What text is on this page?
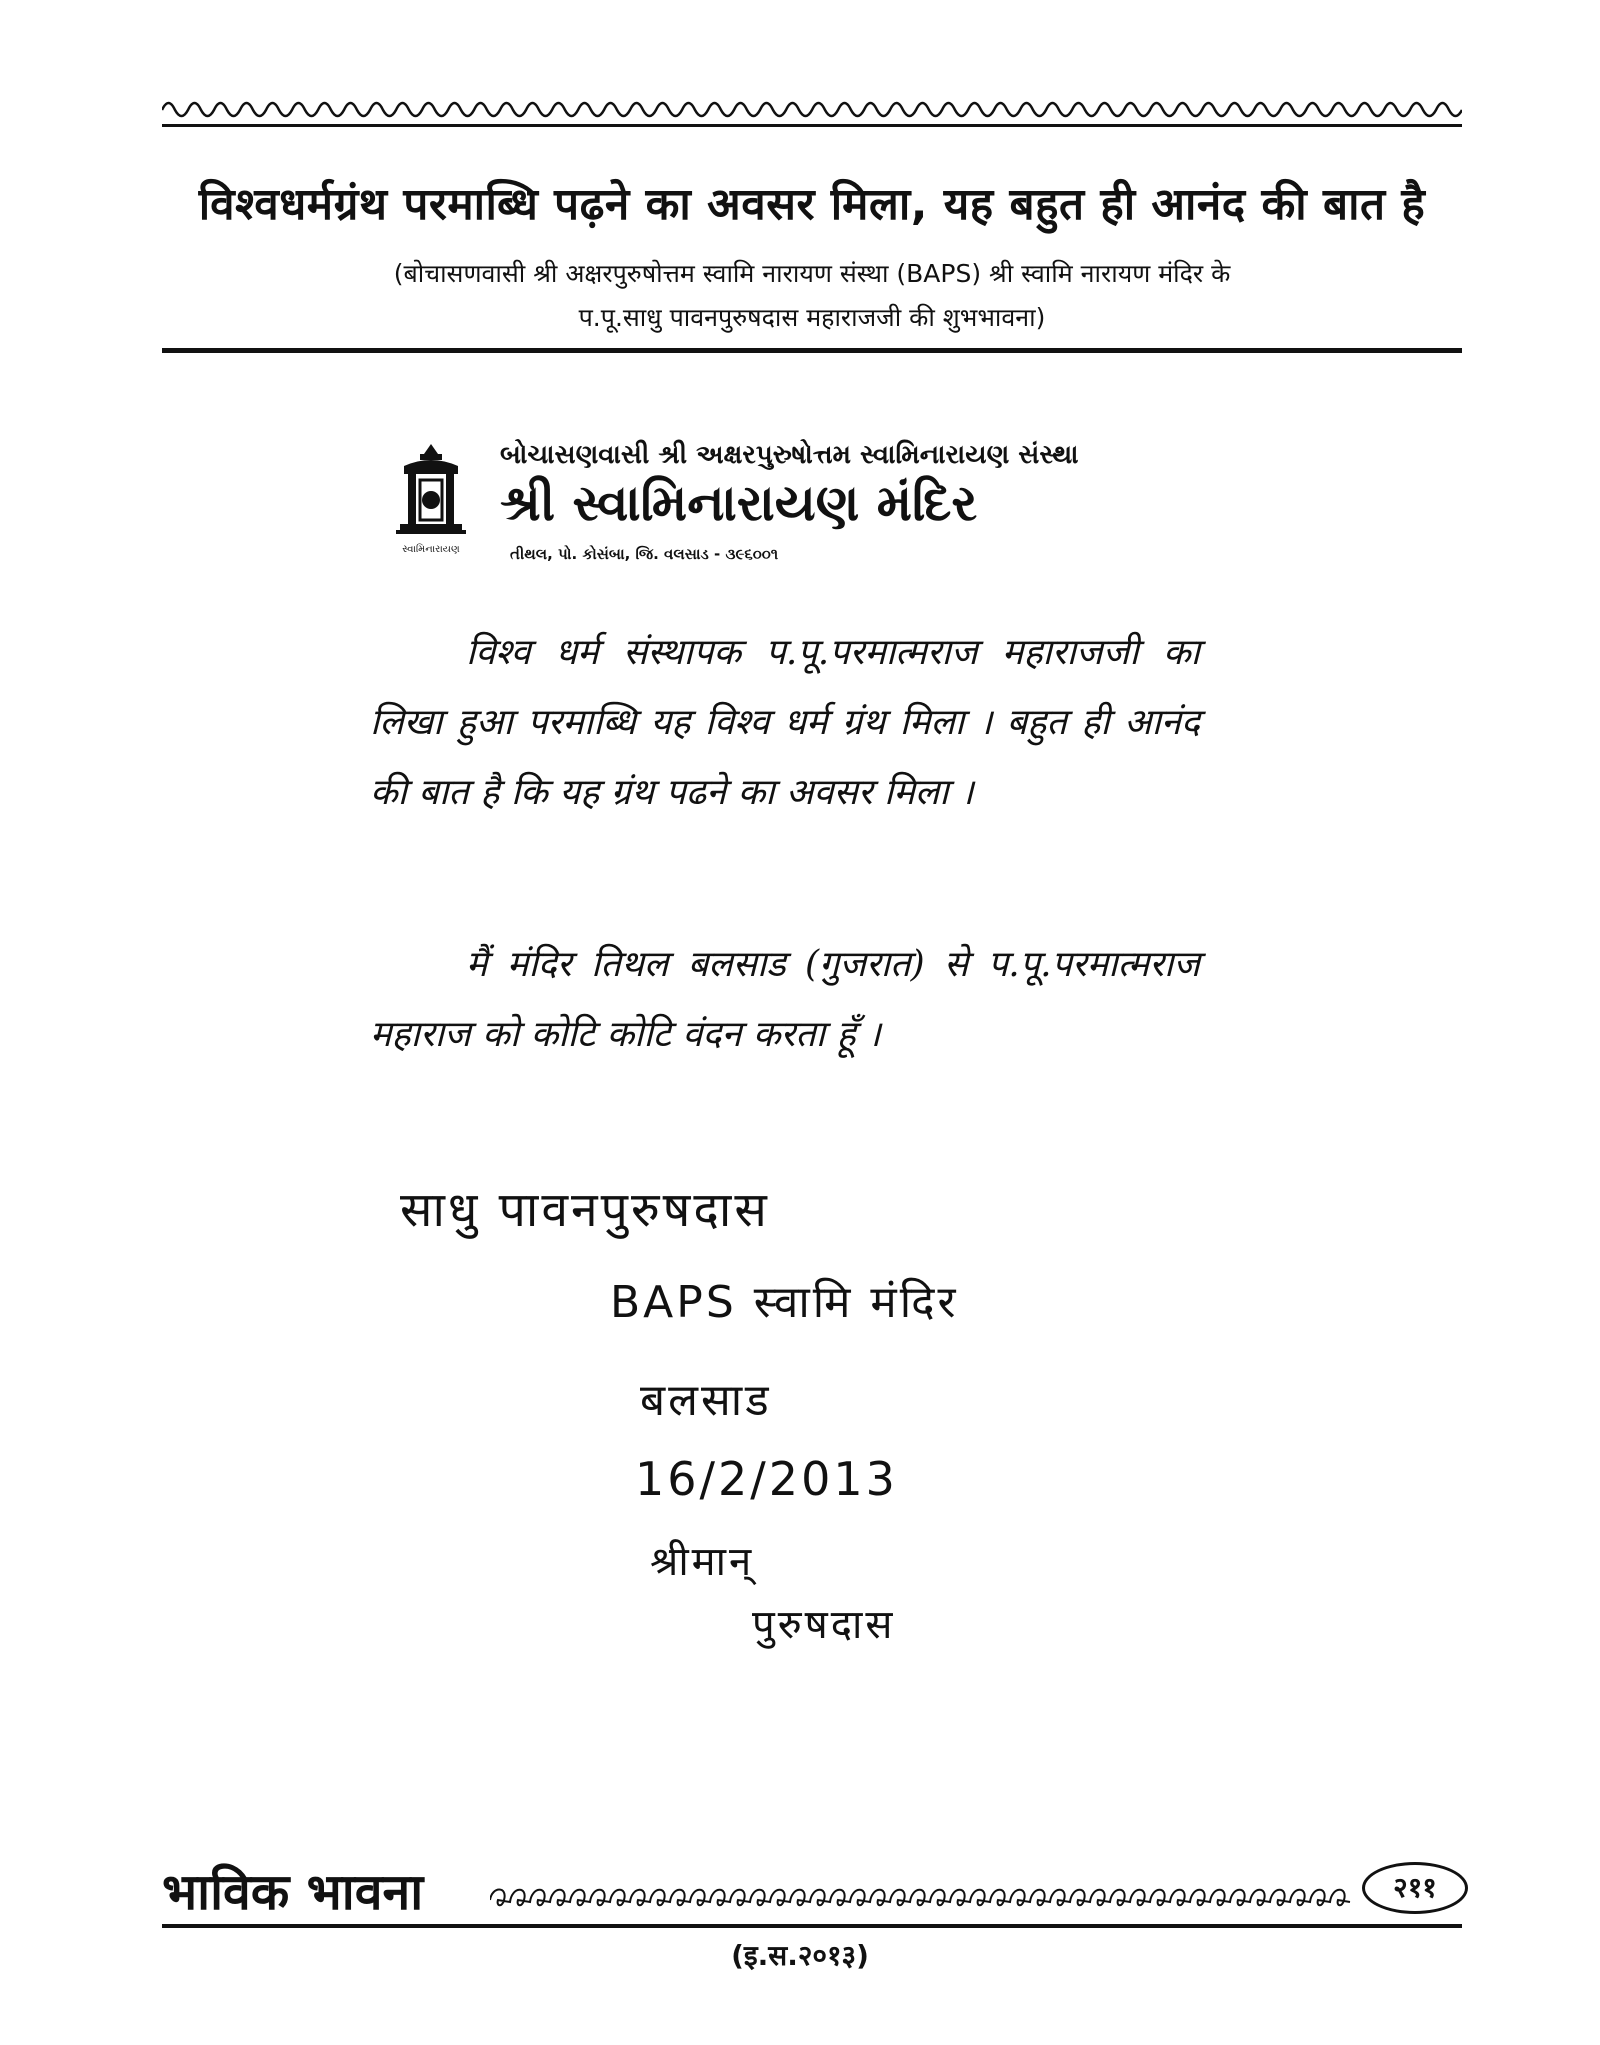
विश्वधर्मग्रंथ परमाब्धि पढ़ने का अवसर मिला, यह बहुत ही आनंद की बात है
(बोचासणवासी श्री अक्षरपुरुषोत्तम स्वामि नारायण संस्था (BAPS) श्री स्वामि नारायण मंदिर के
प.पू.साधु पावनपुरुषदास महाराजजी की शुभभावना)
સ્વામિનારાયણ
બોચાસણવાસી શ્રી અક્ષરપુરુષોત્તમ સ્વામિનારાયણ સંસ્થા
શ્રી સ્વામિનારાયણ મંદિર
તીથલ, પો. કોસંબા, જિ. વલસાડ - ૩૯૬૦૦૧

विश्व धर्म संस्थापक प.पू.परमात्मराज महाराजजी का लिखा हुआ परमाब्धि यह विश्व धर्म ग्रंथ मिला । बहुत ही आनंद की बात है कि यह ग्रंथ पढने का अवसर मिला ।

मैं मंदिर तिथल बलसाड (गुजरात) से प.पू.परमात्मराज महाराज को कोटि कोटि वंदन करता हूँ ।

साधु पावनपुरुषदास
BAPS स्वामि मंदिर
बलसाड
16/2/2013
श्रीमान्
पुरुषदास
भाविक भावना	२११
(इ.स.२०१३)
